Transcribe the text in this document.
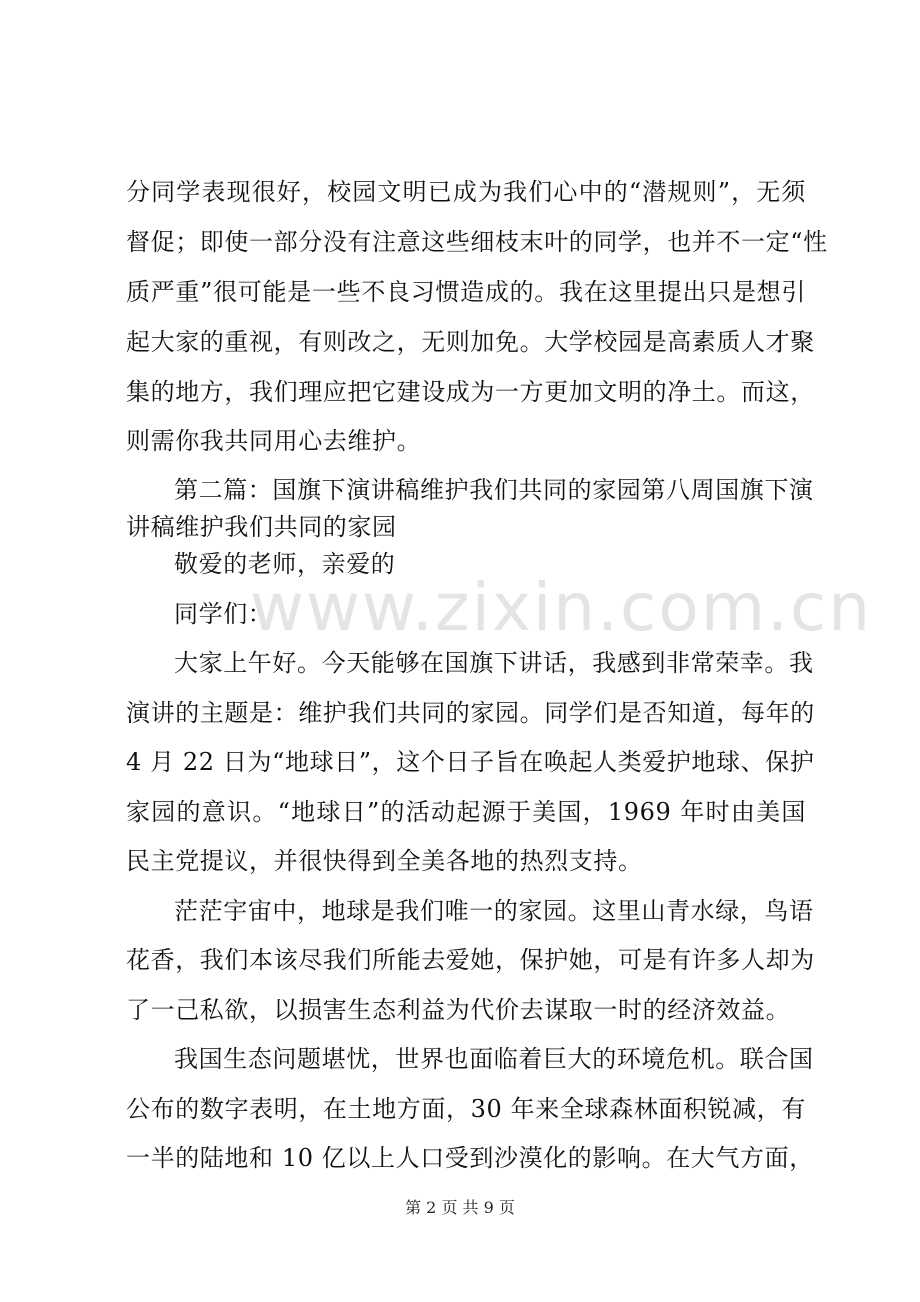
分同学表现很好，校园文明已成为我们心中的“潜规则”，无须
督促；即使一部分没有注意这些细枝末叶的同学，也并不一定“性
质严重”很可能是一些不良习惯造成的。我在这里提出只是想引
起大家的重视，有则改之，无则加免。大学校园是高素质人才聚
集的地方，我们理应把它建设成为一方更加文明的净土。而这，
则需你我共同用心去维护。
第二篇：国旗下演讲稿维护我们共同的家园第八周国旗下演
讲稿维护我们共同的家园
敬爱的老师，亲爱的
同学们：
大家上午好。今天能够在国旗下讲话，我感到非常荣幸。我
演讲的主题是：维护我们共同的家园。同学们是否知道，每年的
4 月 22 日为“地球日”，这个日子旨在唤起人类爱护地球、保护
家园的意识。“地球日”的活动起源于美国，1969 年时由美国
民主党提议，并很快得到全美各地的热烈支持。
茫茫宇宙中，地球是我们唯一的家园。这里山青水绿，鸟语
花香，我们本该尽我们所能去爱她，保护她，可是有许多人却为
了一己私欲，以损害生态利益为代价去谋取一时的经济效益。
我国生态问题堪忧，世界也面临着巨大的环境危机。联合国
公布的数字表明，在土地方面，30 年来全球森林面积锐减，有
一半的陆地和 10 亿以上人口受到沙漠化的影响。在大气方面，
www.zixin.com.cn
第 2 页 共 9 页
